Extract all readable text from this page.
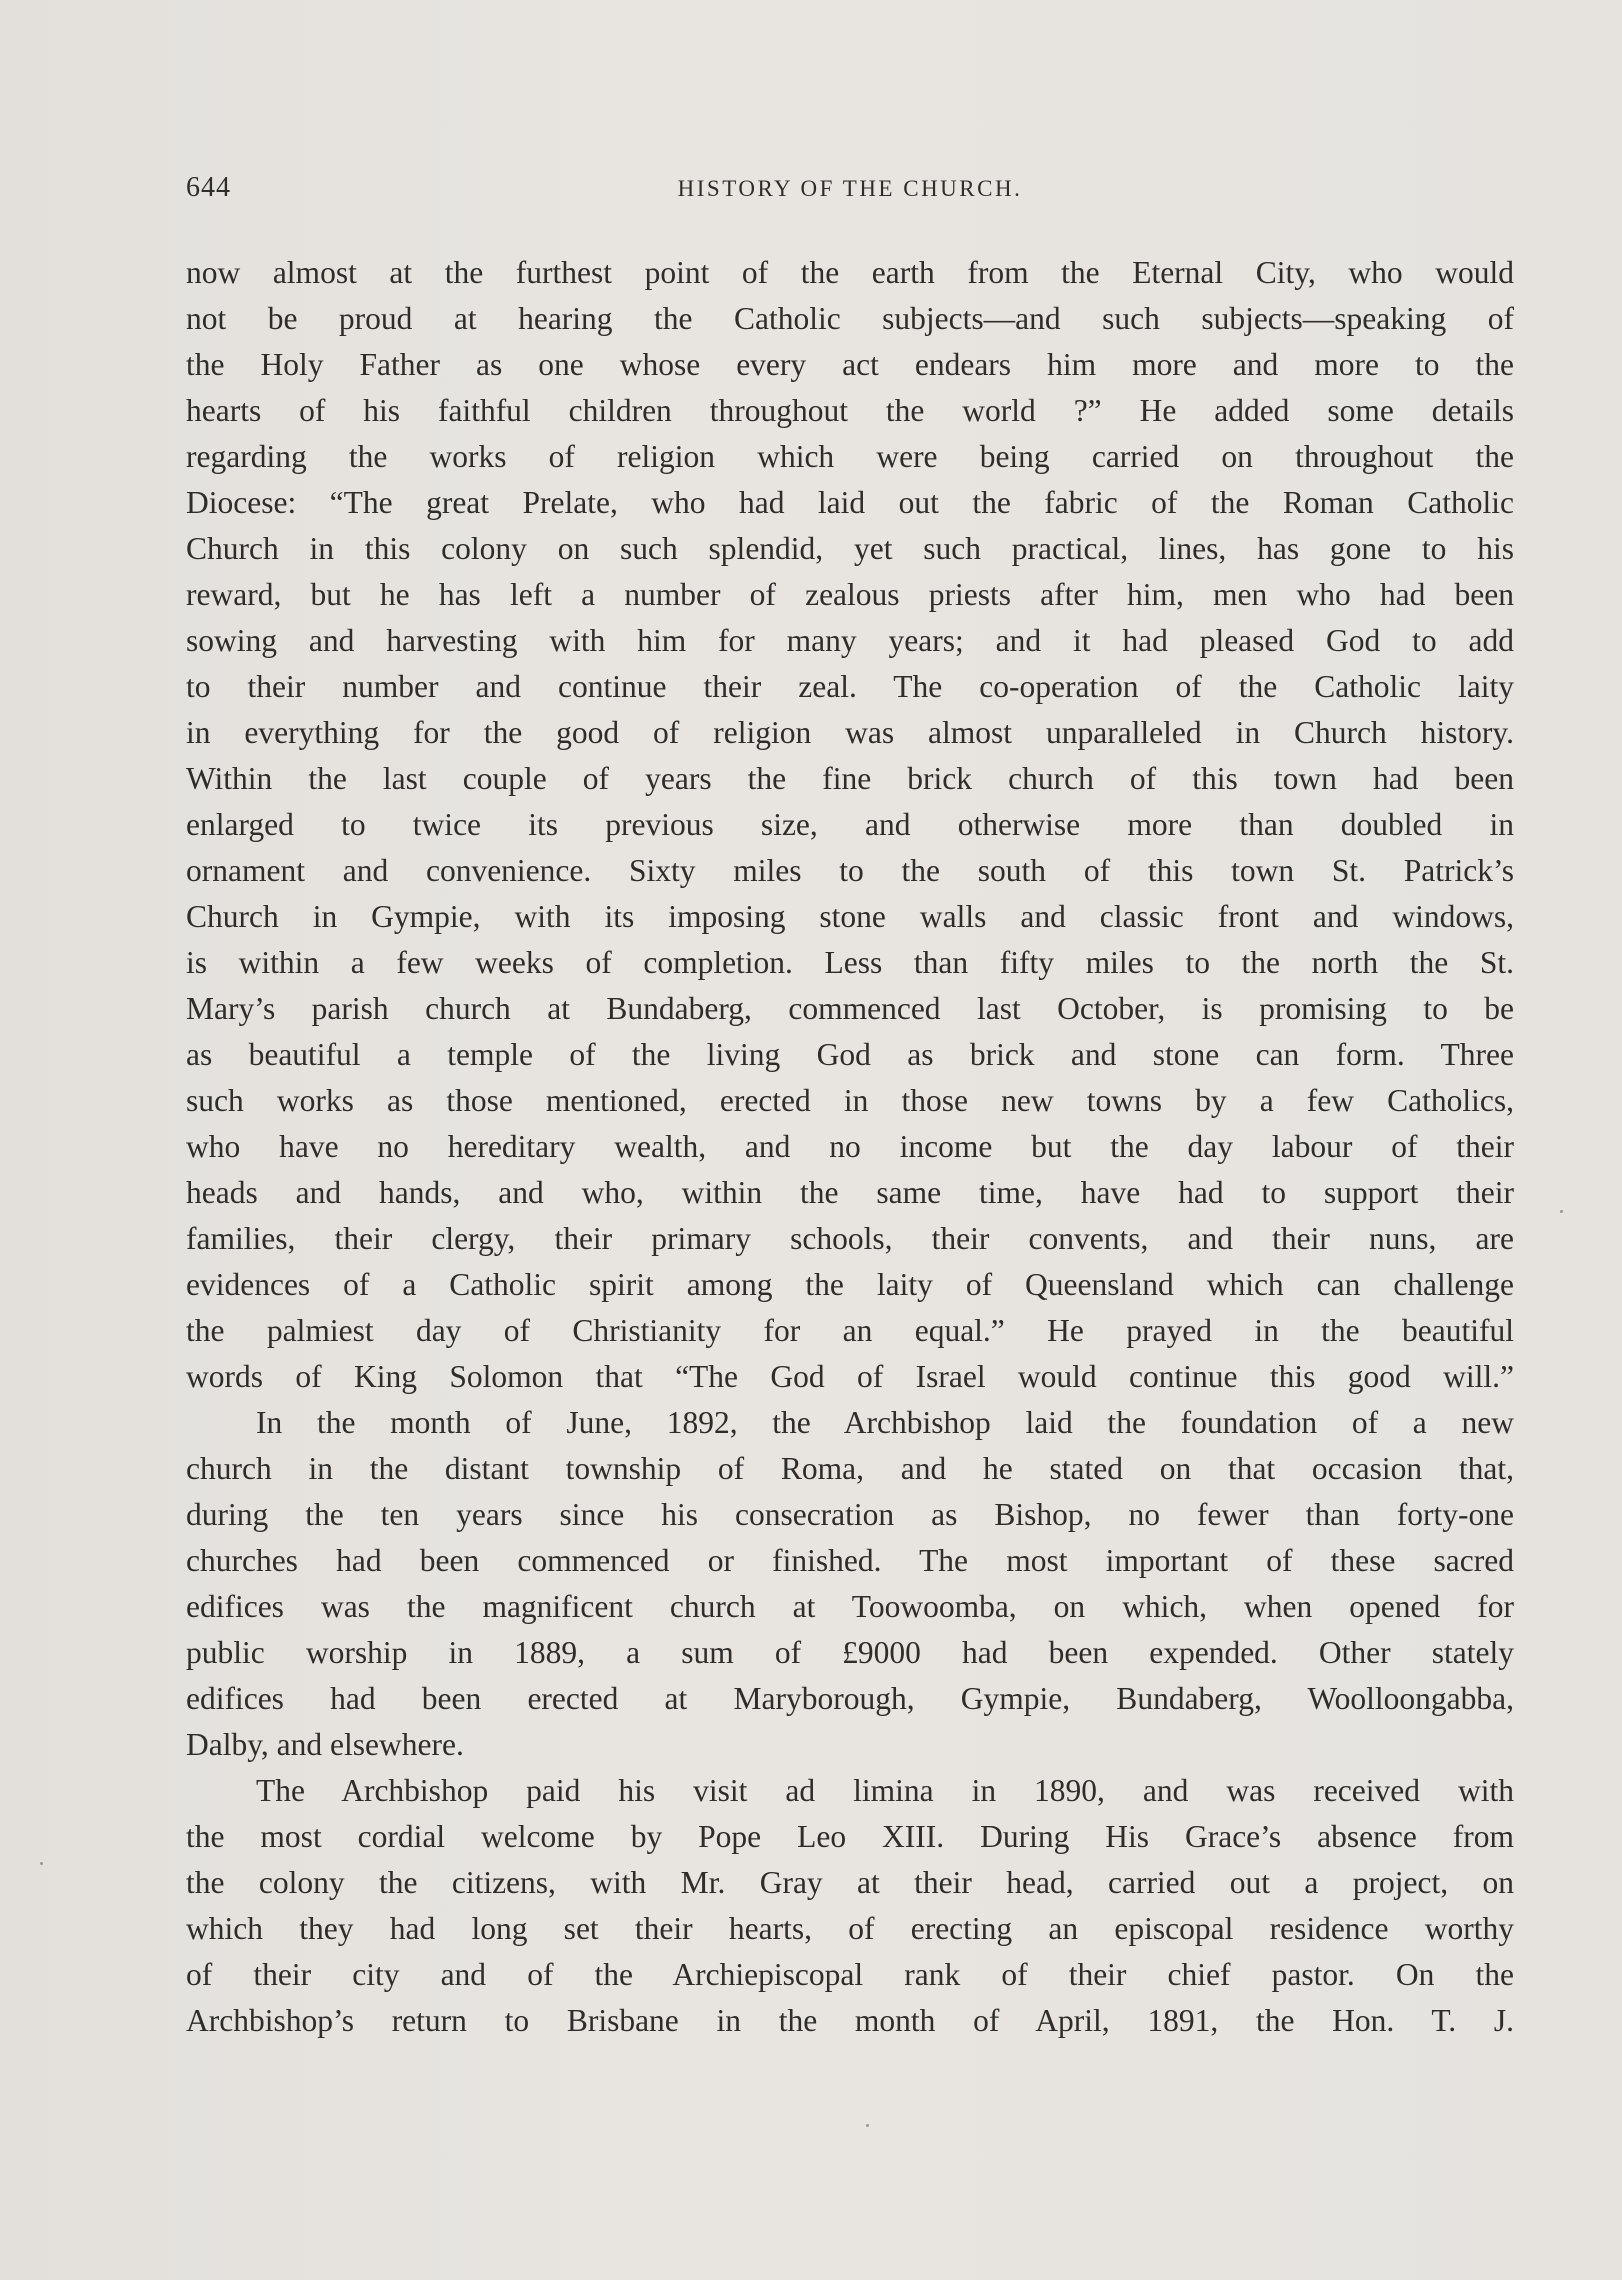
644	HISTORY OF THE CHURCH.
now almost at the furthest point of the earth from the Eternal City, who would
not be proud at hearing the Catholic subjects—and such subjects—speaking of
the Holy Father as one whose every act endears him more and more to the
hearts of his faithful children throughout the world ?” He added some details
regarding the works of religion which were being carried on throughout the
Diocese: “The great Prelate, who had laid out the fabric of the Roman Catholic
Church in this colony on such splendid, yet such practical, lines, has gone to his
reward, but he has left a number of zealous priests after him, men who had been
sowing and harvesting with him for many years; and it had pleased God to add
to their number and continue their zeal. The co-operation of the Catholic laity
in everything for the good of religion was almost unparalleled in Church history.
Within the last couple of years the fine brick church of this town had been
enlarged to twice its previous size, and otherwise more than doubled in
ornament and convenience. Sixty miles to the south of this town St. Patrick’s
Church in Gympie, with its imposing stone walls and classic front and windows,
is within a few weeks of completion. Less than fifty miles to the north the St.
Mary’s parish church at Bundaberg, commenced last October, is promising to be
as beautiful a temple of the living God as brick and stone can form. Three
such works as those mentioned, erected in those new towns by a few Catholics,
who have no hereditary wealth, and no income but the day labour of their
heads and hands, and who, within the same time, have had to support their
families, their clergy, their primary schools, their convents, and their nuns, are
evidences of a Catholic spirit among the laity of Queensland which can challenge
the palmiest day of Christianity for an equal.” He prayed in the beautiful
words of King Solomon that “The God of Israel would continue this good will.”
In the month of June, 1892, the Archbishop laid the foundation of a new
church in the distant township of Roma, and he stated on that occasion that,
during the ten years since his consecration as Bishop, no fewer than forty-one
churches had been commenced or finished. The most important of these sacred
edifices was the magnificent church at Toowoomba, on which, when opened for
public worship in 1889, a sum of £9000 had been expended. Other stately
edifices had been erected at Maryborough, Gympie, Bundaberg, Woolloongabba,
Dalby, and elsewhere.
The Archbishop paid his visit ad limina in 1890, and was received with
the most cordial welcome by Pope Leo XIII. During His Grace’s absence from
the colony the citizens, with Mr. Gray at their head, carried out a project, on
which they had long set their hearts, of erecting an episcopal residence worthy
of their city and of the Archiepiscopal rank of their chief pastor. On the
Archbishop’s return to Brisbane in the month of April, 1891, the Hon. T. J.
